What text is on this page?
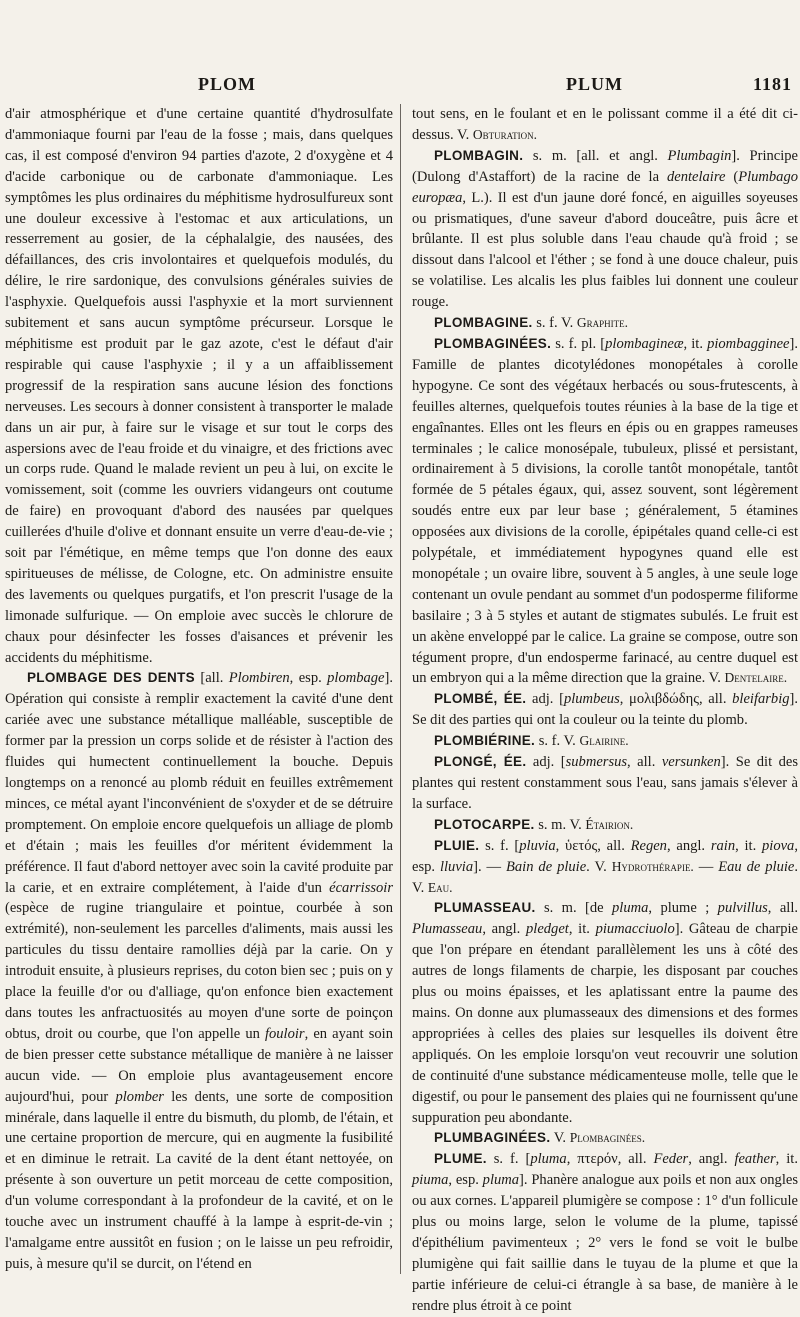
PLOM	PLUM	1181

d'air atmosphérique et d'une certaine quantité d'hydrosulfate d'ammoniaque fourni par l'eau de la fosse ; mais, dans quelques cas, il est composé d'environ 94 parties d'azote, 2 d'oxygène et 4 d'acide carbonique ou de carbonate d'ammoniaque. Les symptômes les plus ordinaires du méphitisme hydrosulfureux sont une douleur excessive à l'estomac et aux articulations, un resserrement au gosier, de la céphalalgie, des nausées, des défaillances, des cris involontaires et quelquefois modulés, du délire, le rire sardonique, des convulsions générales suivies de l'asphyxie. Quelquefois aussi l'asphyxie et la mort surviennent subitement et sans aucun symptôme précurseur. Lorsque le méphitisme est produit par le gaz azote, c'est le défaut d'air respirable qui cause l'asphyxie ; il y a un affaiblissement progressif de la respiration sans aucune lésion des fonctions nerveuses. Les secours à donner consistent à transporter le malade dans un air pur, à faire sur le visage et sur tout le corps des aspersions avec de l'eau froide et du vinaigre, et des frictions avec un corps rude. Quand le malade revient un peu à lui, on excite le vomissement, soit (comme les ouvriers vidangeurs ont coutume de faire) en provoquant d'abord des nausées par quelques cuillerées d'huile d'olive et donnant ensuite un verre d'eau-de-vie ; soit par l'émétique, en même temps que l'on donne des eaux spiritueuses de mélisse, de Cologne, etc. On administre ensuite des lavements ou quelques purgatifs, et l'on prescrit l'usage de la limonade sulfurique. — On emploie avec succès le chlorure de chaux pour désinfecter les fosses d'aisances et prévenir les accidents du méphitisme.

PLOMBAGE DES DENTS [all. Plombiren, esp. plombage]. Opération qui consiste à remplir exactement la cavité d'une dent cariée avec une substance métallique malléable, susceptible de former par la pression un corps solide et de résister à l'action des fluides qui humectent continuellement la bouche. Depuis longtemps on a renoncé au plomb réduit en feuilles extrêmement minces, ce métal ayant l'inconvénient de s'oxyder et de se détruire promptement. On emploie encore quelquefois un alliage de plomb et d'étain ; mais les feuilles d'or méritent évidemment la préférence. Il faut d'abord nettoyer avec soin la cavité produite par la carie, et en extraire complétement, à l'aide d'un écarrissoir (espèce de rugine triangulaire et pointue, courbée à son extrémité), non-seulement les parcelles d'aliments, mais aussi les particules du tissu dentaire ramollies déjà par la carie. On y introduit ensuite, à plusieurs reprises, du coton bien sec ; puis on y place la feuille d'or ou d'alliage, qu'on enfonce bien exactement dans toutes les anfractuosités au moyen d'une sorte de poinçon obtus, droit ou courbe, que l'on appelle un fouloir, en ayant soin de bien presser cette substance métallique de manière à ne laisser aucun vide. — On emploie plus avantageusement encore aujourd'hui, pour plomber les dents, une sorte de composition minérale, dans laquelle il entre du bismuth, du plomb, de l'étain, et une certaine proportion de mercure, qui en augmente la fusibilité et en diminue le retrait. La cavité de la dent étant nettoyée, on présente à son ouverture un petit morceau de cette composition, d'un volume correspondant à la profondeur de la cavité, et on le touche avec un instrument chauffé à la lampe à esprit-de-vin ; l'amalgame entre aussitôt en fusion ; on le laisse un peu refroidir, puis, à mesure qu'il se durcit, on l'étend en

tout sens, en le foulant et en le polissant comme il a été dit ci-dessus. V. Obturation.

PLOMBAGIN. s. m. [all. et angl. Plumbagin]. Principe (Dulong d'Astaffort) de la racine de la dentelaire (Plumbago europæa, L.). Il est d'un jaune doré foncé, en aiguilles soyeuses ou prismatiques, d'une saveur d'abord douceâtre, puis âcre et brûlante. Il est plus soluble dans l'eau chaude qu'à froid ; se dissout dans l'alcool et l'éther ; se fond à une douce chaleur, puis se volatilise. Les alcalis les plus faibles lui donnent une couleur rouge.

PLOMBAGINE. s. f. V. Graphite.

PLOMBAGINÉES. s. f. pl. [plombagineæ, it. piombagginee]. Famille de plantes dicotylédones monopétales à corolle hypogyne. Ce sont des végétaux herbacés ou sous-frutescents, à feuilles alternes, quelquefois toutes réunies à la base de la tige et engaînantes. Elles ont les fleurs en épis ou en grappes rameuses terminales ; le calice monosépale, tubuleux, plissé et persistant, ordinairement à 5 divisions, la corolle tantôt monopétale, tantôt formée de 5 pétales égaux, qui, assez souvent, sont légèrement soudés entre eux par leur base ; généralement, 5 étamines opposées aux divisions de la corolle, épipétales quand celle-ci est polypétale, et immédiatement hypogynes quand elle est monopétale ; un ovaire libre, souvent à 5 angles, à une seule loge contenant un ovule pendant au sommet d'un podosperme filiforme basilaire ; 3 à 5 styles et autant de stigmates subulés. Le fruit est un akène enveloppé par le calice. La graine se compose, outre son tégument propre, d'un endosperme farinacé, au centre duquel est un embryon qui a la même direction que la graine. V. Dentelaire.

PLOMBÉ, ÉE. adj. [plumbeus, μολιβδώδης, all. bleifarbig]. Se dit des parties qui ont la couleur ou la teinte du plomb.

PLOMBIÉRINE. s. f. V. Glairine.

PLONGÉ, ÉE. adj. [submersus, all. versunken]. Se dit des plantes qui restent constamment sous l'eau, sans jamais s'élever à la surface.

PLOTOCARPE. s. m. V. Étairion.

PLUIE. s. f. [pluvia, ὑετός, all. Regen, angl. rain, it. piova, esp. lluvia]. — Bain de pluie. V. Hydrothérapie. — Eau de pluie. V. Eau.

PLUMASSEAU. s. m. [de pluma, plume ; pulvillus, all. Plumasseau, angl. pledget, it. piumacciuolo]. Gâteau de charpie que l'on prépare en étendant parallèlement les uns à côté des autres de longs filaments de charpie, les disposant par couches plus ou moins épaisses, et les aplatissant entre la paume des mains. On donne aux plumasseaux des dimensions et des formes appropriées à celles des plaies sur lesquelles ils doivent être appliqués. On les emploie lorsqu'on veut recouvrir une solution de continuité d'une substance médicamenteuse molle, telle que le digestif, ou pour le pansement des plaies qui ne fournissent qu'une suppuration peu abondante.

PLUMBAGINÉES. V. Plombaginées.

PLUME. s. f. [pluma, πτερόν, all. Feder, angl. feather, it. piuma, esp. pluma]. Phanère analogue aux poils et non aux ongles ou aux cornes. L'appareil plumigère se compose : 1° d'un follicule plus ou moins large, selon le volume de la plume, tapissé d'épithélium pavimenteux ; 2° vers le fond se voit le bulbe plumigène qui fait saillie dans le tuyau de la plume et que la partie inférieure de celui-ci étrangle à sa base, de manière à le rendre plus étroit à ce point
